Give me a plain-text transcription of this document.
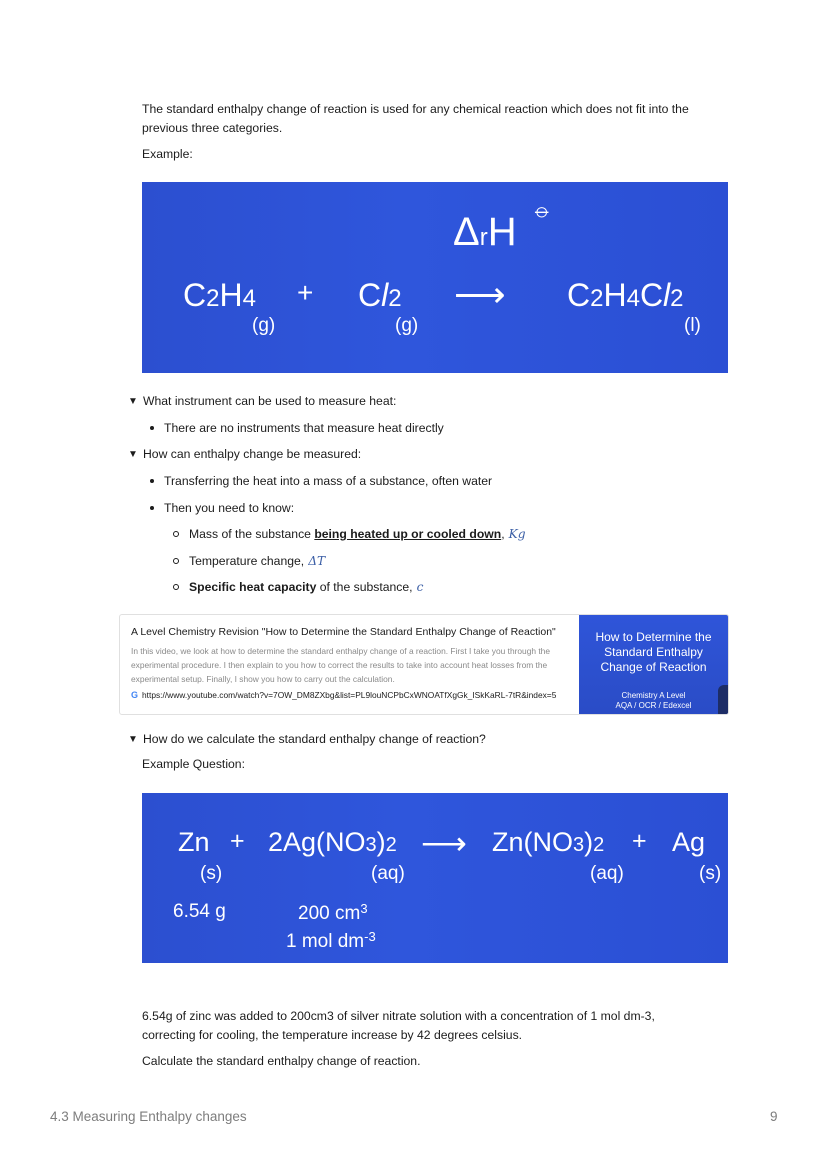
The standard enthalpy change of reaction is used for any chemical reaction which does not fit into the
previous three categories.
Example:
ΔrH
⦵
C2H4
(g)
+ Cl2
(g)
⟶ C2H4Cl2
(l)
▼ What instrument can be used to measure heat:
There are no instruments that measure heat directly
▼ How can enthalpy change be measured:
Transferring the heat into a mass of a substance, often water
Then you need to know:
Mass of the substance being heated up or cooled down , Kg
Temperature change, ΔT
Specific heat capacity of the substance, c
A Level Chemistry Revision "How to Determine the Standard Enthalpy Change of Reaction"
In this video, we look at how to determine the standard enthalpy change of a reaction. First I take you through the experimental procedure. I then explain to you how to correct the results to take into account heat losses from the experimental setup. Finally, I show you how to carry out the calculation.
G https://www.youtube.com/watch?v=7OW_DM8ZXbg&list=PL9louNCPbCxWNOATfXgGk_ISkKaRL-7tR&index=5
How to Determine the Standard Enthalpy Change of Reaction
Chemistry A Level
AQA / OCR / Edexcel
▼ How do we calculate the standard enthalpy change of reaction?
Example Question:
Zn
(s)
+ 2Ag(NO3)2
(aq)
⟶ Zn(NO3)2
(aq)
+ Ag
(s)
6.54 g	200 $cm^3$
1 mol $dm^{-3}$
6.54g of zinc was added to 200cm3 of silver nitrate solution with a concentration of 1 mol dm-3,
correcting for cooling, the temperature increase by 42 degrees celsius.
Calculate the standard enthalpy change of reaction.
4.3 Measuring Enthalpy changes	9
